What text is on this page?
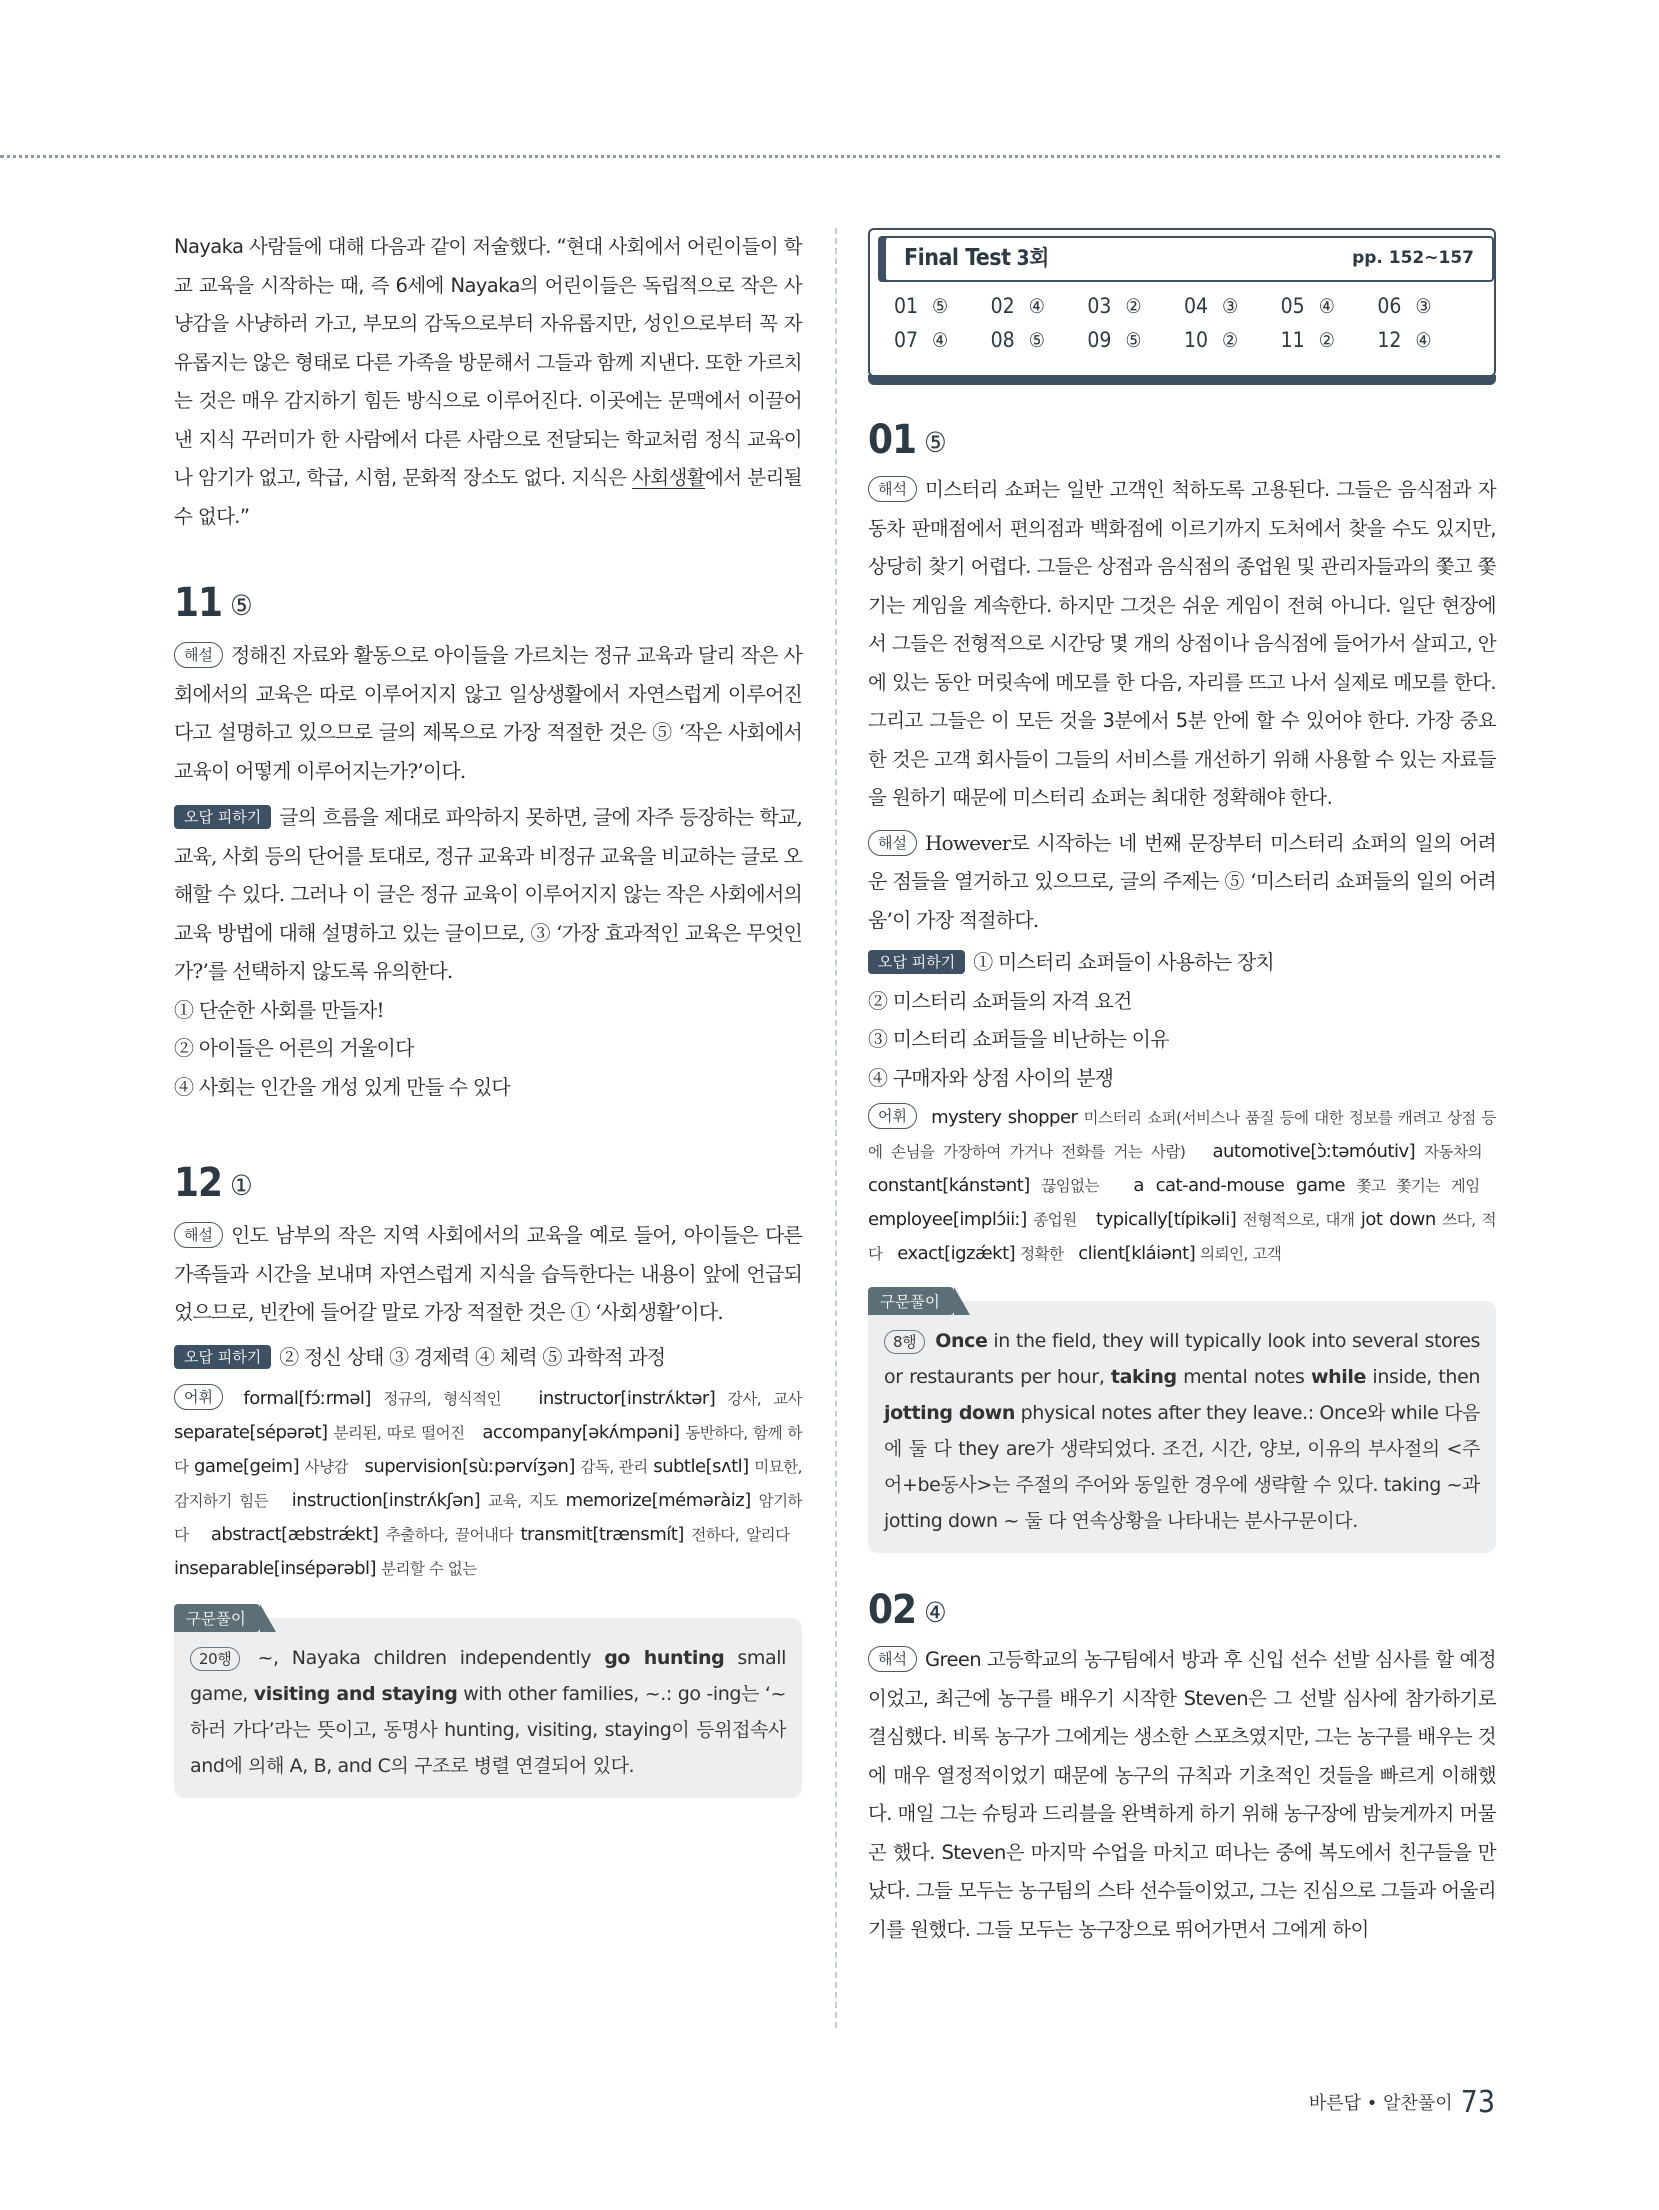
Nayaka 사람들에 대해 다음과 같이 저술했다. “현대 사회에서 어린이들이 학교 교육을 시작하는 때, 즉 6세에 Nayaka의 어린이들은 독립적으로 작은 사냥감을 사냥하러 가고, 부모의 감독으로부터 자유롭지만, 성인으로부터 꼭 자유롭지는 않은 형태로 다른 가족을 방문해서 그들과 함께 지낸다. 또한 가르치는 것은 매우 감지하기 힘든 방식으로 이루어진다. 이곳에는 문맥에서 이끌어낸 지식 꾸러미가 한 사람에서 다른 사람으로 전달되는 학교처럼 정식 교육이나 암기가 없고, 학급, 시험, 문화적 장소도 없다. 지식은 사회생활에서 분리될 수 없다.”

11 ⑤

해설 정해진 자료와 활동으로 아이들을 가르치는 정규 교육과 달리 작은 사회에서의 교육은 따로 이루어지지 않고 일상생활에서 자연스럽게 이루어진다고 설명하고 있으므로 글의 제목으로 가장 적절한 것은 ⑤ ‘작은 사회에서 교육이 어떻게 이루어지는가?’이다.

오답 피하기 글의 흐름을 제대로 파악하지 못하면, 글에 자주 등장하는 학교, 교육, 사회 등의 단어를 토대로, 정규 교육과 비정규 교육을 비교하는 글로 오해할 수 있다. 그러나 이 글은 정규 교육이 이루어지지 않는 작은 사회에서의 교육 방법에 대해 설명하고 있는 글이므로, ③ ‘가장 효과적인 교육은 무엇인가?’를 선택하지 않도록 유의한다.

① 단순한 사회를 만들자!

② 아이들은 어른의 거울이다

④ 사회는 인간을 개성 있게 만들 수 있다

12 ①

해설 인도 남부의 작은 지역 사회에서의 교육을 예로 들어, 아이들은 다른 가족들과 시간을 보내며 자연스럽게 지식을 습득한다는 내용이 앞에 언급되었으므로, 빈칸에 들어갈 말로 가장 적절한 것은 ① ‘사회생활’이다.

오답 피하기 ② 정신 상태 ③ 경제력 ④ 체력 ⑤ 과학적 과정

어휘 formal[fɔ́ːrməl] 정규의, 형식적인 instructor[instrʌ́ktər] 강사, 교사 separate[sépərət] 분리된, 따로 떨어진 accompany[əkʌ́mpəni] 동반하다, 함께 하다 game[geim] 사냥감 supervision[sùːpərvíʒən] 감독, 관리 subtle[sʌtl] 미묘한, 감지하기 힘든 instruction[instrʌ́kʃən] 교육, 지도 memorize[méməràiz] 암기하다 abstract[æbstrǽkt] 추출하다, 끌어내다 transmit[trænsmít] 전하다, 알리다   inseparable[insépərəbl] 분리할 수 없는

구문풀이

20행 ~, Nayaka children independently go hunting small game, visiting and staying with other families, ~.: go -ing는 ‘~하러 가다’라는 뜻이고, 동명사 hunting, visiting, staying이 등위접속사 and에 의해 A, B, and C의 구조로 병렬 연결되어 있다.

Final Test 3회	pp. 152~157
01 ⑤	02 ④	03 ②	04 ③	05 ④	06 ③
07 ④	08 ⑤	09 ⑤	10 ②	11 ②	12 ④
01 ⑤

해석 미스터리 쇼퍼는 일반 고객인 척하도록 고용된다. 그들은 음식점과 자동차 판매점에서 편의점과 백화점에 이르기까지 도처에서 찾을 수도 있지만, 상당히 찾기 어렵다. 그들은 상점과 음식점의 종업원 및 관리자들과의 쫓고 쫓기는 게임을 계속한다. 하지만 그것은 쉬운 게임이 전혀 아니다. 일단 현장에서 그들은 전형적으로 시간당 몇 개의 상점이나 음식점에 들어가서 살피고, 안에 있는 동안 머릿속에 메모를 한 다음, 자리를 뜨고 나서 실제로 메모를 한다. 그리고 그들은 이 모든 것을 3분에서 5분 안에 할 수 있어야 한다. 가장 중요한 것은 고객 회사들이 그들의 서비스를 개선하기 위해 사용할 수 있는 자료들을 원하기 때문에 미스터리 쇼퍼는 최대한 정확해야 한다.

해설 However로 시작하는 네 번째 문장부터 미스터리 쇼퍼의 일의 어려운 점들을 열거하고 있으므로, 글의 주제는 ⑤ ‘미스터리 쇼퍼들의 일의 어려움’이 가장 적절하다.

오답 피하기 ① 미스터리 쇼퍼들이 사용하는 장치

② 미스터리 쇼퍼들의 자격 요건

③ 미스터리 쇼퍼들을 비난하는 이유

④ 구매자와 상점 사이의 분쟁

어휘 mystery shopper 미스터리 쇼퍼(서비스나 품질 등에 대한 정보를 캐려고 상점 등에 손님을 가장하여 가거나 전화를 거는 사람) automotive[ɔ̀ːtəmóutiv] 자동차의   constant[kánstənt] 끊임없는 a cat-and-mouse game 쫓고 쫓기는 게임   employee[implɔ́iiː] 종업원 typically[típikəli] 전형적으로, 대개 jot down 쓰다, 적다 exact[igzǽkt] 정확한 client[kláiənt] 의뢰인, 고객

구문풀이

8행 Once in the field, they will typically look into several stores or restaurants per hour, taking mental notes while inside, then jotting down physical notes after they leave.: Once와 while 다음에 둘 다 they are가 생략되었다. 조건, 시간, 양보, 이유의 부사절의 <주어+be동사>는 주절의 주어와 동일한 경우에 생략할 수 있다. taking ~과 jotting down ~ 둘 다 연속상황을 나타내는 분사구문이다.

02 ④

해석 Green 고등학교의 농구팀에서 방과 후 신입 선수 선발 심사를 할 예정이었고, 최근에 농구를 배우기 시작한 Steven은 그 선발 심사에 참가하기로 결심했다. 비록 농구가 그에게는 생소한 스포츠였지만, 그는 농구를 배우는 것에 매우 열정적이었기 때문에 농구의 규칙과 기초적인 것들을 빠르게 이해했다. 매일 그는 슈팅과 드리블을 완벽하게 하기 위해 농구장에 밤늦게까지 머물곤 했다. Steven은 마지막 수업을 마치고 떠나는 중에 복도에서 친구들을 만났다. 그들 모두는 농구팀의 스타 선수들이었고, 그는 진심으로 그들과 어울리기를 원했다. 그들 모두는 농구장으로 뛰어가면서 그에게 하이

바른답 • 알찬풀이 73
